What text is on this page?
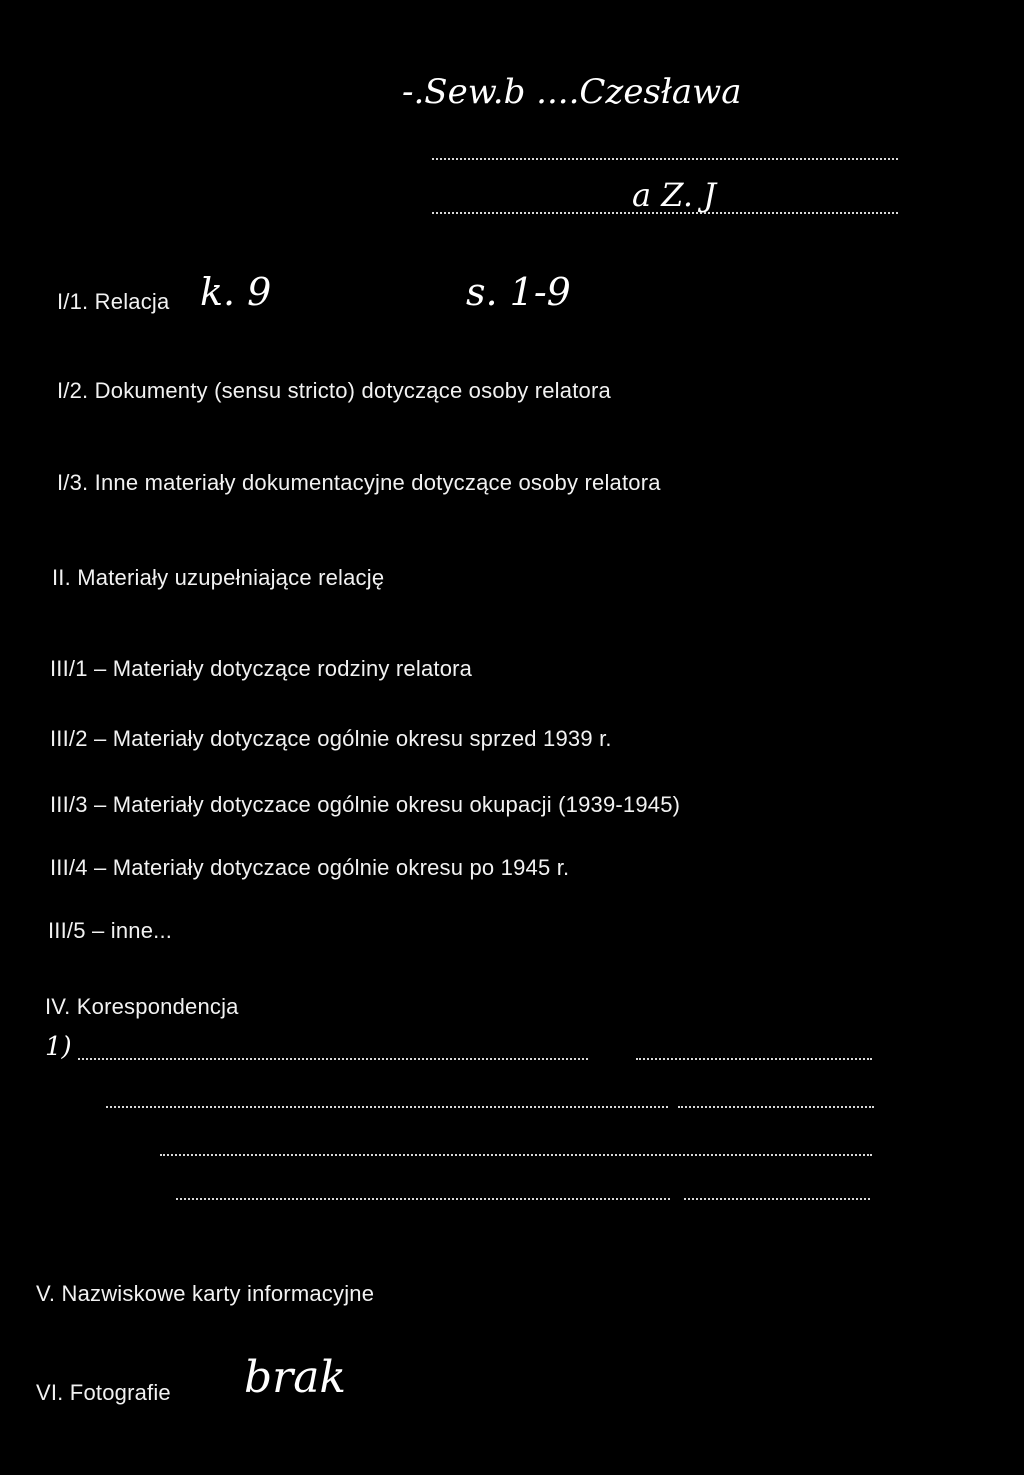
-.Sew.b ....Czesława
a Z. J
I/1. Relacja k. 9	s. 1-9
I/2. Dokumenty (sensu stricto) dotyczące osoby relatora
I/3. Inne materiały dokumentacyjne dotyczące osoby relatora
II. Materiały uzupełniające relację
III/1 – Materiały dotyczące rodziny relatora
III/2 – Materiały dotyczące ogólnie okresu sprzed 1939 r.
III/3 – Materiały dotyczace ogólnie okresu okupacji (1939-1945)
III/4 – Materiały dotyczace ogólnie okresu po 1945 r.
III/5 – inne...
IV. Korespondencja
1)
V. Nazwiskowe karty informacyjne
VI. Fotografie brak
